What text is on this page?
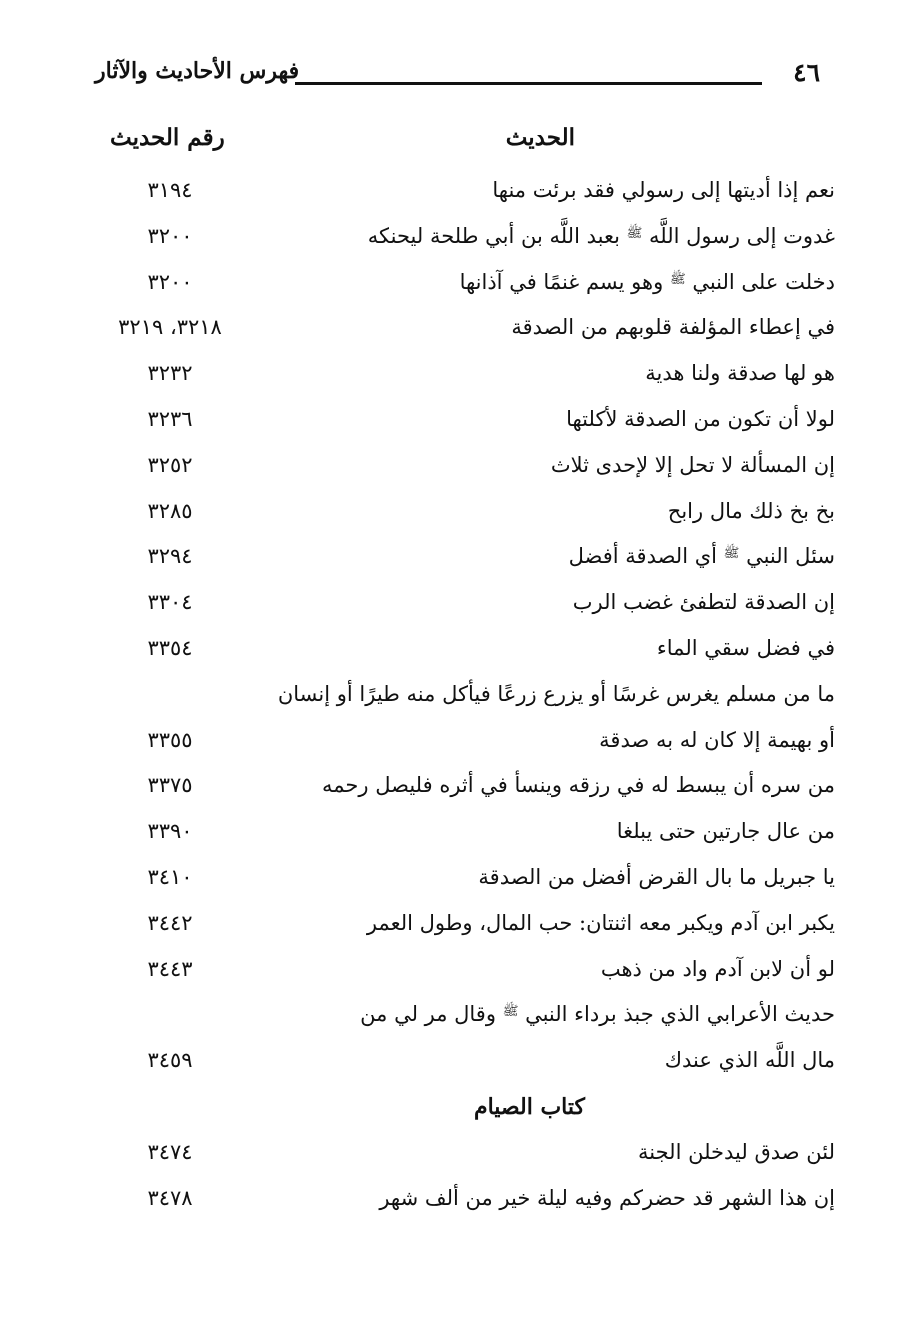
٤٦
فهرس الأحاديث والآثار
الحديث
رقم الحديث
نعم إذا أديتها إلى رسولي فقد برئت منها
٣١٩٤
غدوت إلى رسول اللَّه $^ﷺ$ بعبد اللَّه بن أبي طلحة ليحنكه
٣٢٠٠
دخلت على النبي $^ﷺ$ وهو يسم غنمًا في آذانها
٣٢٠٠
في إعطاء المؤلفة قلوبهم من الصدقة
٣٢١٨، ٣٢١٩
هو لها صدقة ولنا هدية
٣٢٣٢
لولا أن تكون من الصدقة لأكلتها
٣٢٣٦
إن المسألة لا تحل إلا لإحدى ثلاث
٣٢٥٢
بخ بخ ذلك مال رابح
٣٢٨٥
سئل النبي $^ﷺ$ أي الصدقة أفضل
٣٢٩٤
إن الصدقة لتطفئ غضب الرب
٣٣٠٤
في فضل سقي الماء
٣٣٥٤
ما من مسلم يغرس غرسًا أو يزرع زرعًا فيأكل منه طيرًا أو إنسان
أو بهيمة إلا كان له به صدقة
٣٣٥٥
من سره أن يبسط له في رزقه وينسأ في أثره فليصل رحمه
٣٣٧٥
من عال جارتين حتى يبلغا
٣٣٩٠
يا جبريل ما بال القرض أفضل من الصدقة
٣٤١٠
يكبر ابن آدم ويكبر معه اثنتان: حب المال، وطول العمر
٣٤٤٢
لو أن لابن آدم واد من ذهب
٣٤٤٣
حديث الأعرابي الذي جبذ برداء النبي $^ﷺ$ وقال مر لي من
مال اللَّه الذي عندك
٣٤٥٩
كتاب الصيام
لئن صدق ليدخلن الجنة
٣٤٧٤
إن هذا الشهر قد حضركم وفيه ليلة خير من ألف شهر
٣٤٧٨
